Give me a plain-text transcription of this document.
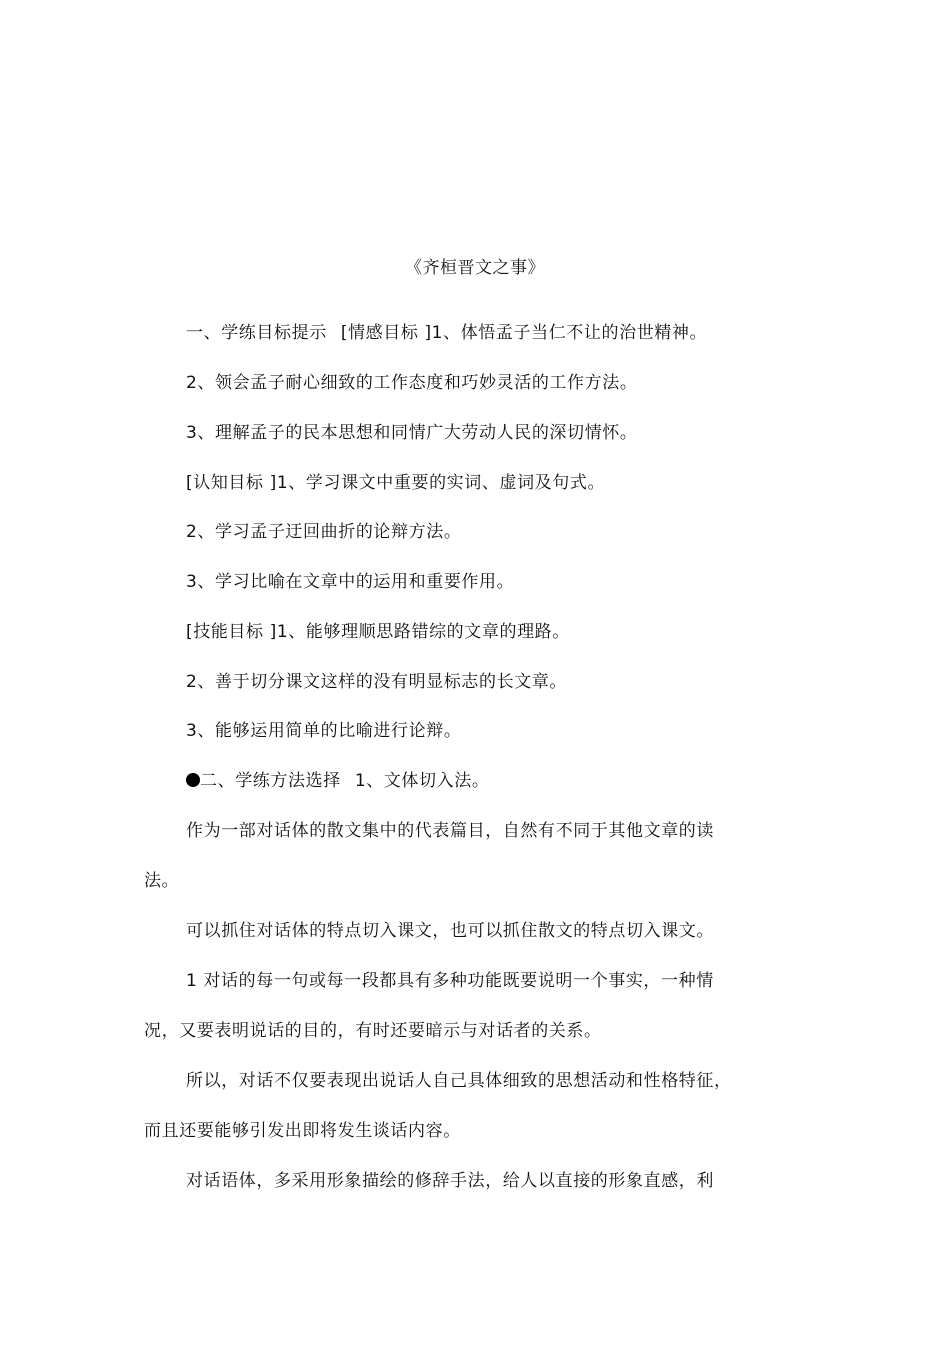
《齐桓晋文之事》
一、学练目标提示 [情感目标 ]1、体悟孟子当仁不让的治世精神。
2、领会孟子耐心细致的工作态度和巧妙灵活的工作方法。
3、理解孟子的民本思想和同情广大劳动人民的深切情怀。
[认知目标 ]1、学习课文中重要的实词、虚词及句式。
2、学习孟子迂回曲折的论辩方法。
3、学习比喻在文章中的运用和重要作用。
[技能目标 ]1、能够理顺思路错综的文章的理路。
2、善于切分课文这样的没有明显标志的长文章。
3、能够运用简单的比喻进行论辩。
二、学练方法选择 1、文体切入法。
作为一部对话体的散文集中的代表篇目，自然有不同于其他文章的读
法。
可以抓住对话体的特点切入课文，也可以抓住散文的特点切入课文。
1 对话的每一句或每一段都具有多种功能既要说明一个事实，一种情
况，又要表明说话的目的，有时还要暗示与对话者的关系。
所以，对话不仅要表现出说话人自己具体细致的思想活动和性格特征，
而且还要能够引发出即将发生谈话内容。
对话语体，多采用形象描绘的修辞手法，给人以直接的形象直感，利
